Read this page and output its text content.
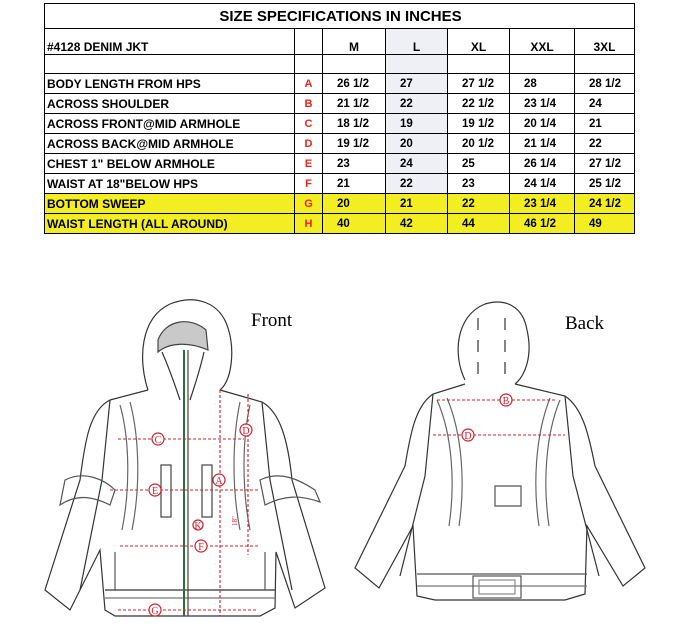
SIZE SPECIFICATIONS IN INCHES						
#4128 DENIM JKT		M	L	XL	XXL	3XL

BODY LENGTH FROM HPS	A	26 1/2	27	27 1/2	28	28 1/2
ACROSS SHOULDER	B	21 1/2	22	22 1/2	23 1/4	24
ACROSS FRONT@MID ARMHOLE	C	18 1/2	19	19 1/2	20 1/4	21
ACROSS BACK@MID ARMHOLE	D	19 1/2	20	20 1/2	21 1/4	22
CHEST 1" BELOW ARMHOLE	E	23	24	25	26 1/4	27 1/2
WAIST AT 18"BELOW HPS	F	21	22	23	24 1/4	25 1/2
BOTTOM SWEEP	G	20	21	22	23 1/4	24 1/2
WAIST LENGTH (ALL AROUND)	H	40	42	44	46 1/2	49
Front	Back
C
E
F
G
A
D
K	18"
B
D
